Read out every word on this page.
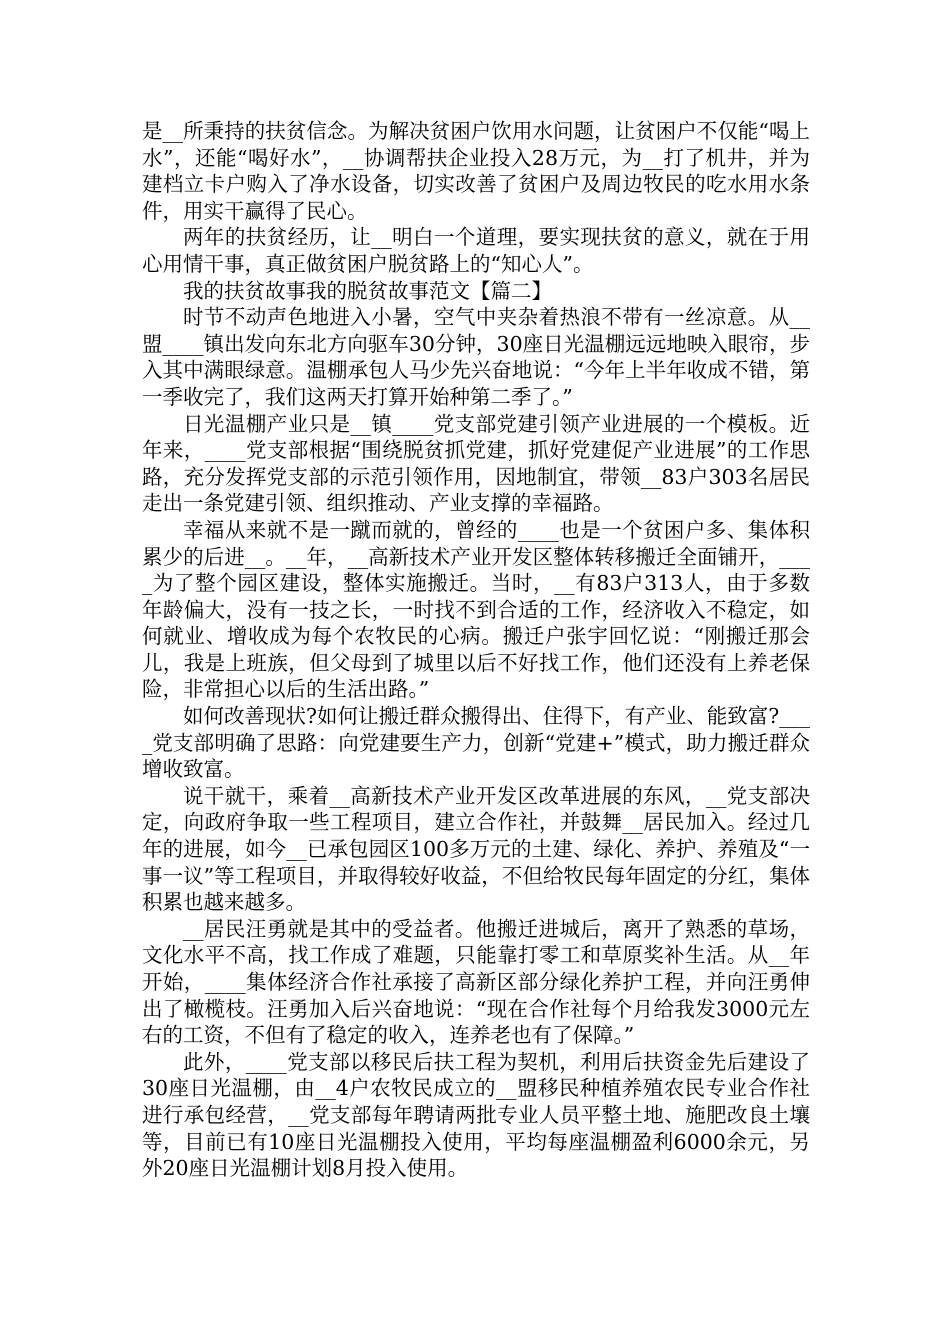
是__所秉持的扶贫信念。为解决贫困户饮用水问题，让贫困户不仅能“喝上水”，还能“喝好水”，__协调帮扶企业投入28万元，为__打了机井，并为建档立卡户购入了净水设备，切实改善了贫困户及周边牧民的吃水用水条件，用实干赢得了民心。

两年的扶贫经历，让__明白一个道理，要实现扶贫的意义，就在于用心用情干事，真正做贫困户脱贫路上的“知心人”。

我的扶贫故事我的脱贫故事范文【篇二】

时节不动声色地进入小暑，空气中夹杂着热浪不带有一丝凉意。从__盟____镇出发向东北方向驱车30分钟，30座日光温棚远远地映入眼帘，步入其中满眼绿意。温棚承包人马少先兴奋地说：“今年上半年收成不错，第一季收完了，我们这两天打算开始种第二季了。”

日光温棚产业只是__镇____党支部党建引领产业进展的一个模板。近年来，____党支部根据“围绕脱贫抓党建，抓好党建促产业进展”的工作思路，充分发挥党支部的示范引领作用，因地制宜，带领__83户303名居民走出一条党建引领、组织推动、产业支撑的幸福路。

幸福从来就不是一蹴而就的，曾经的____也是一个贫困户多、集体积累少的后进__。__年，__高新技术产业开发区整体转移搬迁全面铺开，____为了整个园区建设，整体实施搬迁。当时，__有83户313人，由于多数年龄偏大，没有一技之长，一时找不到合适的工作，经济收入不稳定，如何就业、增收成为每个农牧民的心病。搬迁户张宇回忆说：“刚搬迁那会儿，我是上班族，但父母到了城里以后不好找工作，他们还没有上养老保险，非常担心以后的生活出路。”

如何改善现状?如何让搬迁群众搬得出、住得下，有产业、能致富?____党支部明确了思路：向党建要生产力，创新“党建+”模式，助力搬迁群众增收致富。

说干就干，乘着__高新技术产业开发区改革进展的东风，__党支部决定，向政府争取一些工程项目，建立合作社，并鼓舞__居民加入。经过几年的进展，如今__已承包园区100多万元的土建、绿化、养护、养殖及“一事一议”等工程项目，并取得较好收益，不但给牧民每年固定的分红，集体积累也越来越多。

__居民汪勇就是其中的受益者。他搬迁进城后，离开了熟悉的草场，文化水平不高，找工作成了难题，只能靠打零工和草原奖补生活。从__年开始，____集体经济合作社承接了高新区部分绿化养护工程，并向汪勇伸出了橄榄枝。汪勇加入后兴奋地说：“现在合作社每个月给我发3000元左右的工资，不但有了稳定的收入，连养老也有了保障。”

此外，____党支部以移民后扶工程为契机，利用后扶资金先后建设了30座日光温棚，由__4户农牧民成立的__盟移民种植养殖农民专业合作社进行承包经营，__党支部每年聘请两批专业人员平整土地、施肥改良土壤等，目前已有10座日光温棚投入使用，平均每座温棚盈利6000余元，另外20座日光温棚计划8月投入使用。
